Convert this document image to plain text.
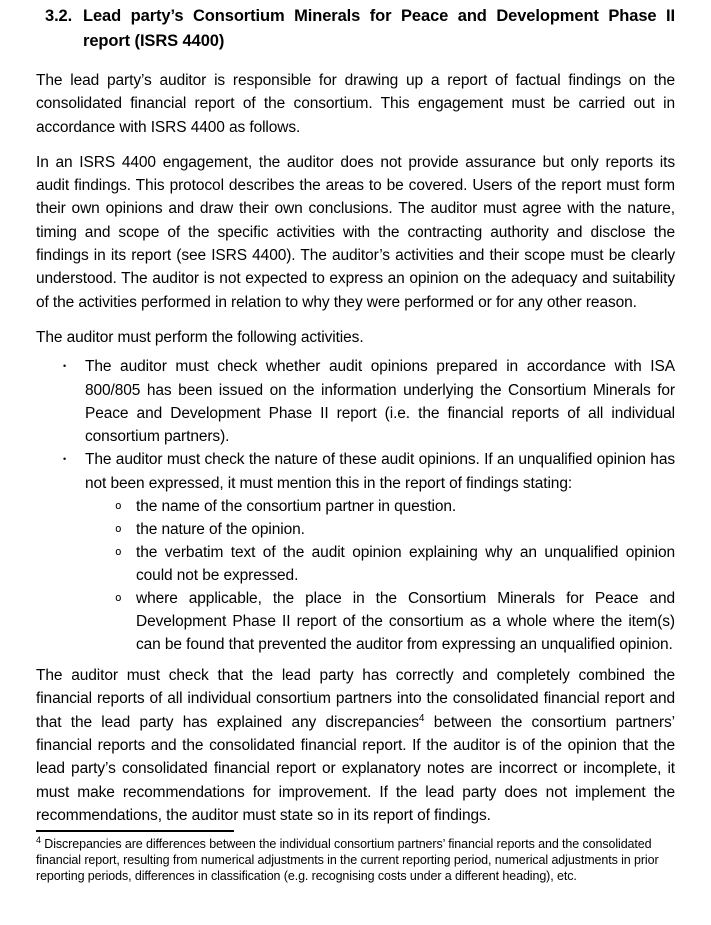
3.2. Lead party’s Consortium Minerals for Peace and Development Phase II report (ISRS 4400)

The lead party’s auditor is responsible for drawing up a report of factual findings on the consolidated financial report of the consortium. This engagement must be carried out in accordance with ISRS 4400 as follows.

In an ISRS 4400 engagement, the auditor does not provide assurance but only reports its audit findings. This protocol describes the areas to be covered. Users of the report must form their own opinions and draw their own conclusions. The auditor must agree with the nature, timing and scope of the specific activities with the contracting authority and disclose the findings in its report (see ISRS 4400). The auditor’s activities and their scope must be clearly understood. The auditor is not expected to express an opinion on the adequacy and suitability of the activities performed in relation to why they were performed or for any other reason.

The auditor must perform the following activities.

• The auditor must check whether audit opinions prepared in accordance with ISA 800/805 has been issued on the information underlying the Consortium Minerals for Peace and Development Phase II report (i.e. the financial reports of all individual consortium partners).
• The auditor must check the nature of these audit opinions. If an unqualified opinion has not been expressed, it must mention this in the report of findings stating:
o the name of the consortium partner in question.
o the nature of the opinion.
o the verbatim text of the audit opinion explaining why an unqualified opinion could not be expressed.
o where applicable, the place in the Consortium Minerals for Peace and Development Phase II report of the consortium as a whole where the item(s) can be found that prevented the auditor from expressing an unqualified opinion.

The auditor must check that the lead party has correctly and completely combined the financial reports of all individual consortium partners into the consolidated financial report and that the lead party has explained any discrepancies$^4$ between the consortium partners’ financial reports and the consolidated financial report. If the auditor is of the opinion that the lead party’s consolidated financial report or explanatory notes are incorrect or incomplete, it must make recommendations for improvement. If the lead party does not implement the recommendations, the auditor must state so in its report of findings.

$^4$ Discrepancies are differences between the individual consortium partners’ financial reports and the consolidated financial report, resulting from numerical adjustments in the current reporting period, numerical adjustments in prior reporting periods, differences in classification (e.g. recognising costs under a different heading), etc.
